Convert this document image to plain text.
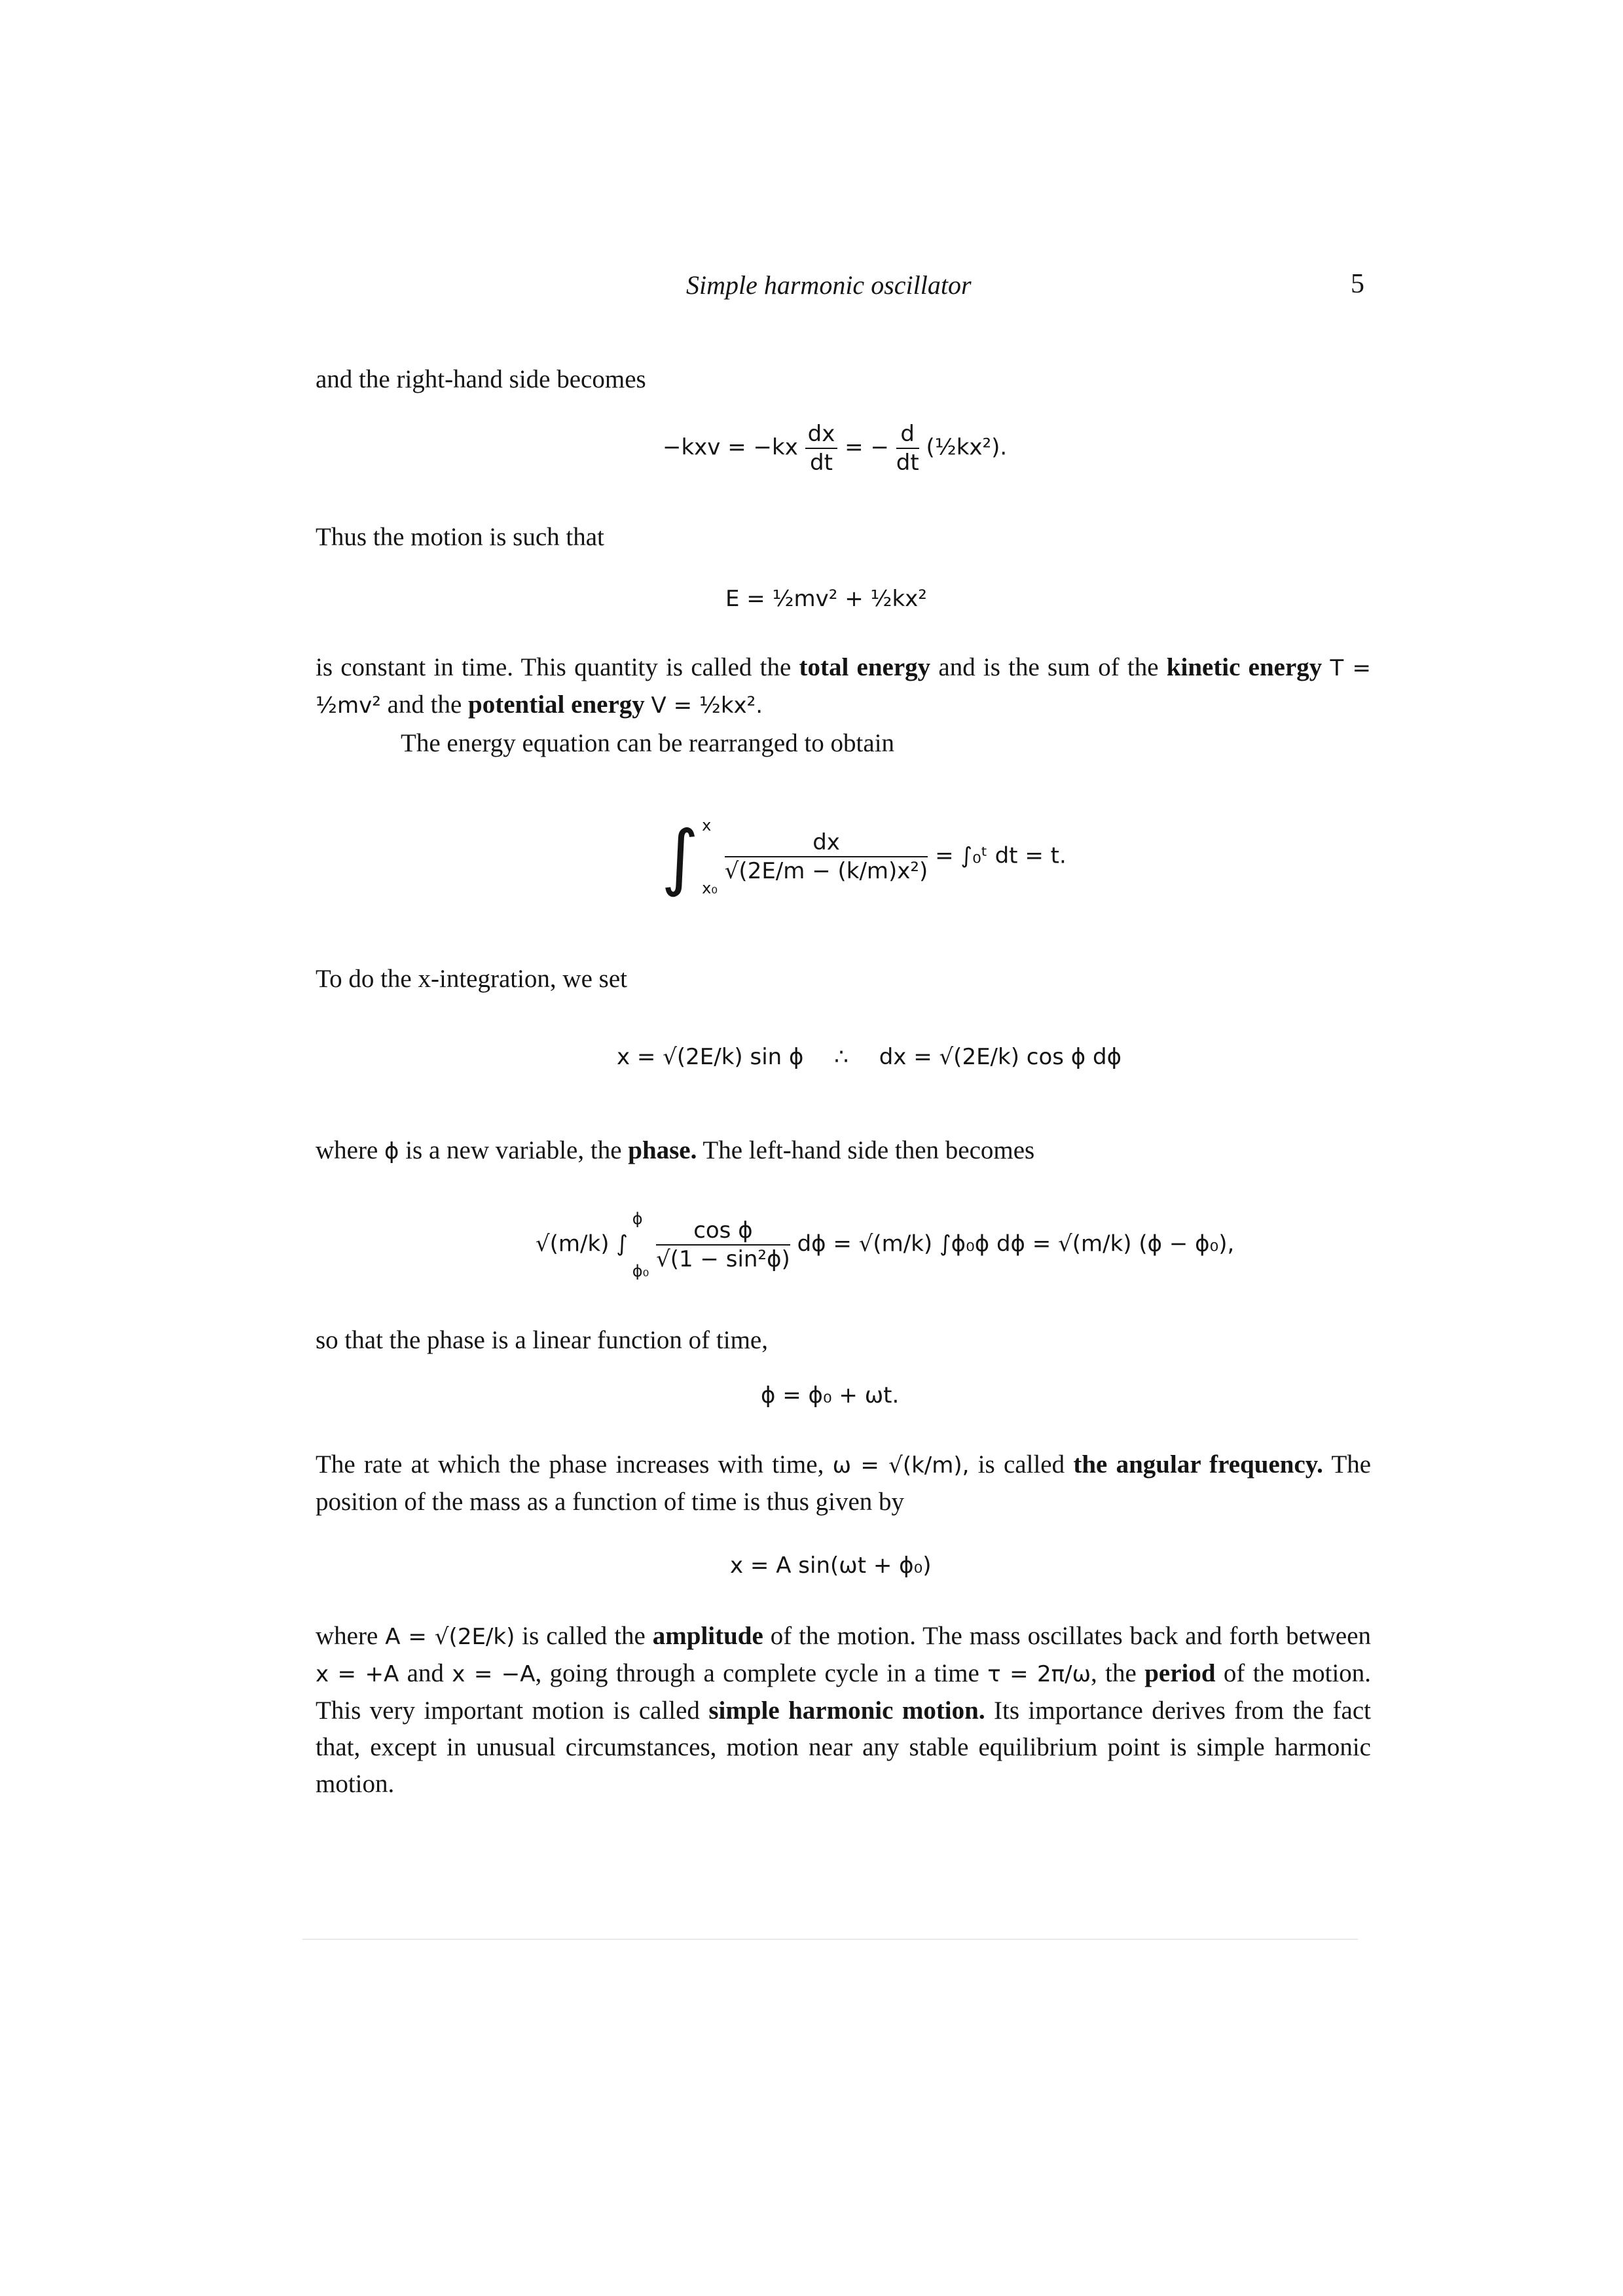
Simple harmonic oscillator	5
and the right-hand side becomes
$-kxv = -kx \frac{dx}{dt}$ = − $\frac{d}{dt}$ (½kx²).
Thus the motion is such that
E = ½mv² + ½kx²
is constant in time. This quantity is called the total energy and is the sum of the kinetic energy T = ½mv² and the potential energy V = ½kx².
The energy equation can be rearranged to obtain
∫ x
x₀

$\frac{dx}{\text{√(2E/m − (k/m)x²)}}$ = ∫₀ᵗ dt = t.
To do the x-integration, we set
x = √(2E/k) sin ϕ ∴ dx = √(2E/k) cos ϕ dϕ
where ϕ is a new variable, the phase. The left-hand side then becomes
√(m/k) ∫
ϕ
ϕ₀
$\frac{\text{cos ϕ}}{\text{√(1 − sin²ϕ)}}$ dϕ = √(m/k) ∫ϕ₀ϕ dϕ = √(m/k) (ϕ − ϕ₀),
so that the phase is a linear function of time,
ϕ = ϕ₀ + ωt.
The rate at which the phase increases with time, ω = √(k/m), is called the angular frequency. The position of the mass as a function of time is thus given by
x = A sin(ωt + ϕ₀)
where A = √(2E/k) is called the amplitude of the motion. The mass oscillates back and forth between x = +A and x = −A, going through a complete cycle in a time τ = 2π/ω, the period of the motion. This very important motion is called simple harmonic motion. Its importance derives from the fact that, except in unusual circumstances, motion near any stable equilibrium point is simple harmonic motion.
